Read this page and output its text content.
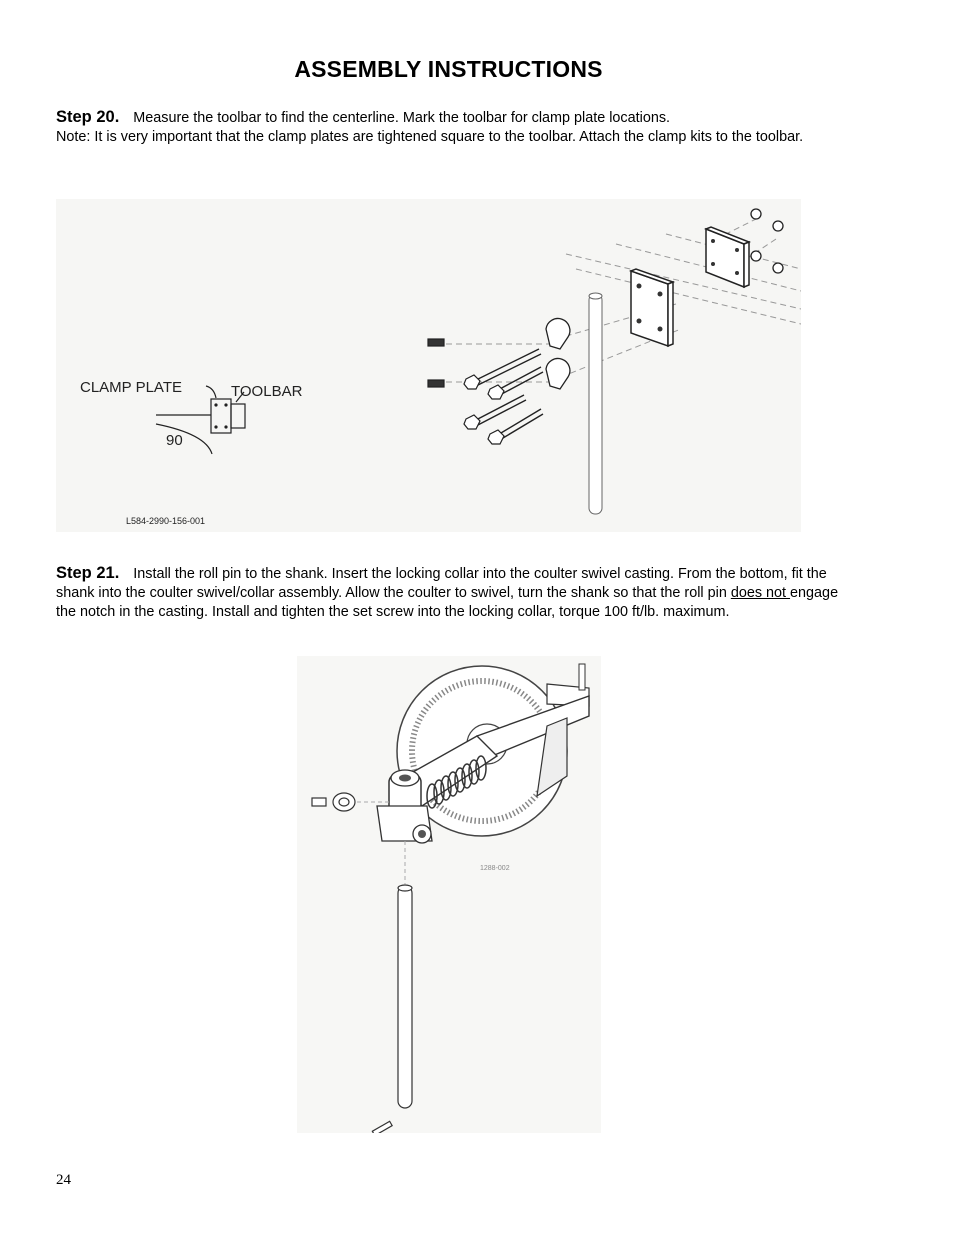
ASSEMBLY INSTRUCTIONS
Step 20. Measure the toolbar to find the centerline. Mark the toolbar for clamp plate locations.
Note: It is very important that the clamp plates are tightened square to the toolbar. Attach the clamp kits to the toolbar.
CLAMP PLATE	TOOLBAR
90
L584-2990-156-001
Step 21. Install the roll pin to the shank. Insert the locking collar into the coulter swivel casting. From the bottom, fit the shank into the coulter swivel/collar assembly. Allow the coulter to swivel, turn the shank so that the roll pin does not engage the notch in the casting. Install and tighten the set screw into the locking collar, torque 100 ft/lb. maximum.
1288-002
24
